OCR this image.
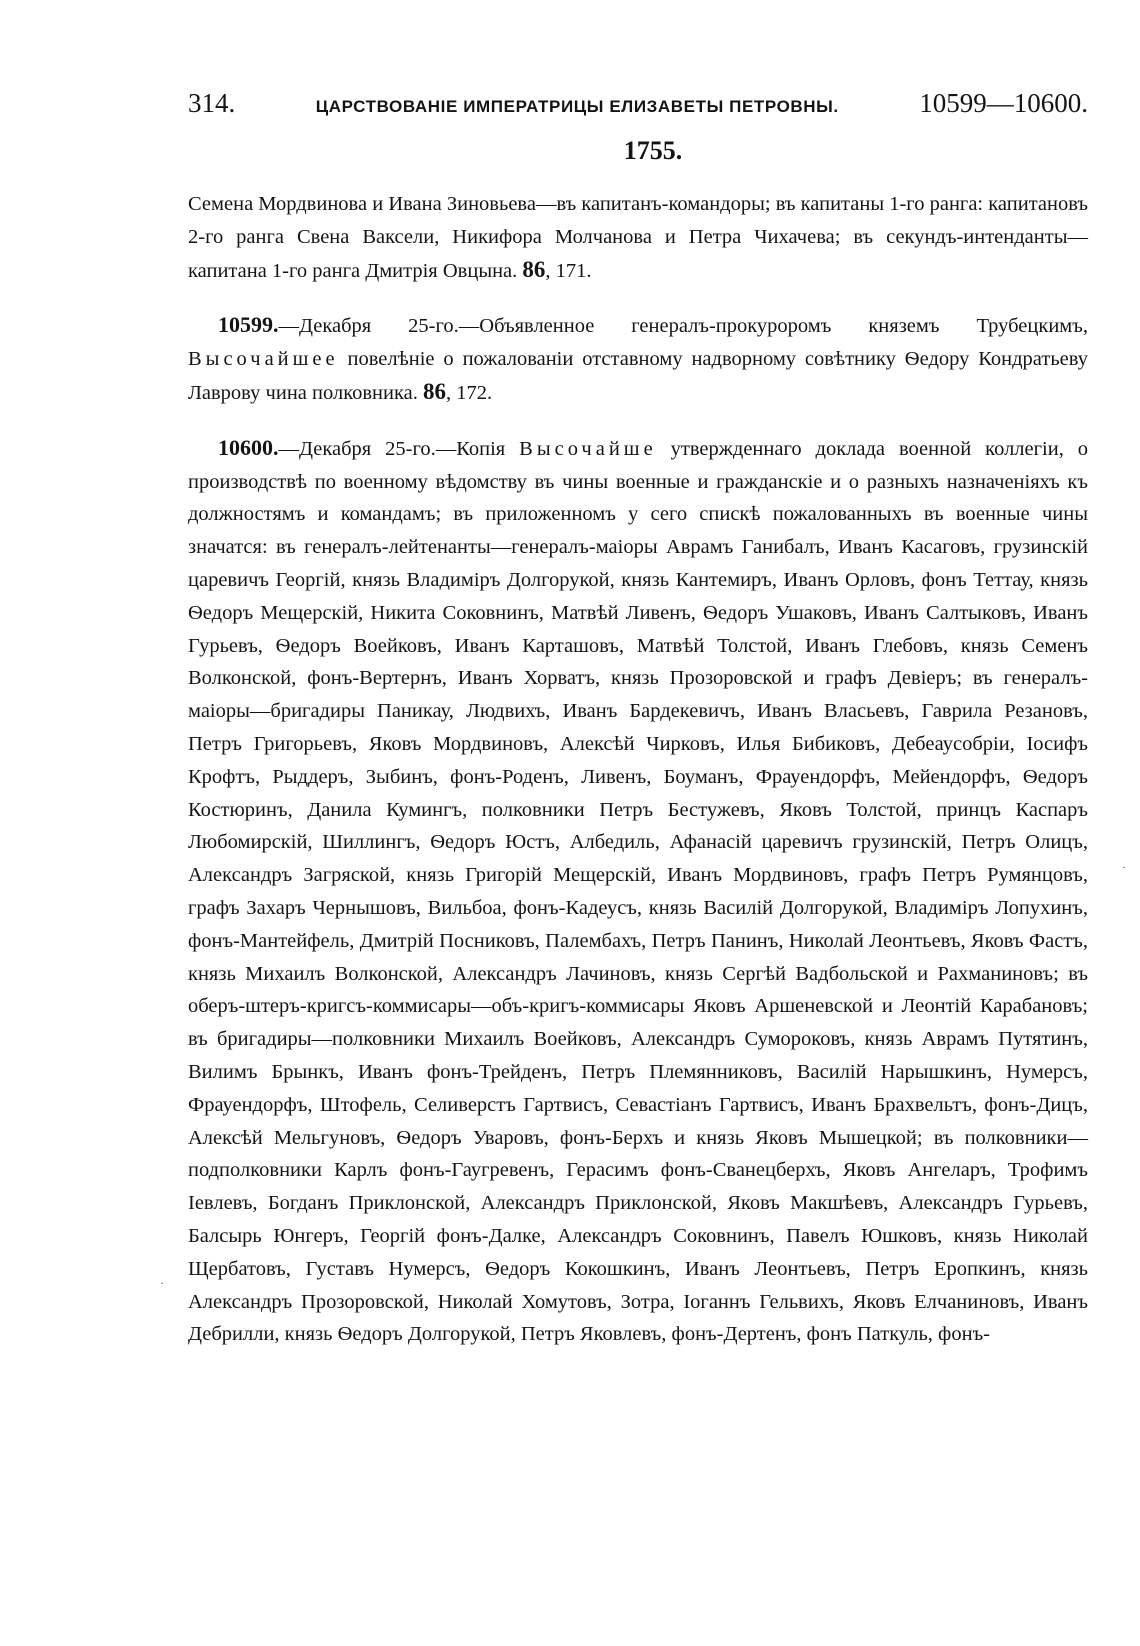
314.	ЦАРСТВОВАНІЕ ИМПЕРАТРИЦЫ ЕЛИЗАВЕТЫ ПЕТРОВНЫ.	10599—10600.
1755.

Семена Мордвинова и Ивана Зиновьева—въ капитанъ-командоры; въ капитаны 1-го ранга: капитановъ 2-го ранга Свена Ваксели, Никифора Молчанова и Петра Чихачева; въ секундъ-интенданты—капитана 1-го ранга Дмитрія Овцына. 86, 171.

10599.—Декабря 25-го.—Объявленное генералъ-прокуроромъ княземъ Трубецкимъ, Высочайшее повелѣніе о пожалованіи отставному надворному совѣтнику Ѳедору Кондратьеву Лаврову чина полковника. 86, 172.

10600.—Декабря 25-го.—Копія Высочайше утвержденнаго доклада военной коллегіи, о производствѣ по военному вѣдомству въ чины военные и гражданскіе и о разныхъ назначеніяхъ къ должностямъ и командамъ; въ приложенномъ у сего спискѣ пожалованныхъ въ военные чины значатся: въ генералъ-лейтенанты—генералъ-маіоры Аврамъ Ганибалъ, Иванъ Касаговъ, грузинскій царевичъ Георгій, князь Владиміръ Долгорукой, князь Кантемиръ, Иванъ Орловъ, фонъ Теттау, князь Ѳедоръ Мещерскій, Никита Соковнинъ, Матвѣй Ливенъ, Ѳедоръ Ушаковъ, Иванъ Салтыковъ, Иванъ Гурьевъ, Ѳедоръ Воейковъ, Иванъ Карташовъ, Матвѣй Толстой, Иванъ Глебовъ, князь Семенъ Волконской, фонъ-Вертернъ, Иванъ Хорватъ, князь Прозоровской и графъ Девіеръ; въ генералъ-маіоры—бригадиры Паникау, Людвихъ, Иванъ Бардекевичъ, Иванъ Власьевъ, Гаврила Резановъ, Петръ Григорьевъ, Яковъ Мордвиновъ, Алексѣй Чирковъ, Илья Бибиковъ, Дебеаусобріи, Іосифъ Крофтъ, Рыддеръ, Зыбинъ, фонъ-Роденъ, Ливенъ, Боуманъ, Фрауендорфъ, Мейендорфъ, Ѳедоръ Костюринъ, Данила Кумингъ, полковники Петръ Бестужевъ, Яковъ Толстой, принцъ Каспаръ Любомирскій, Шиллингъ, Ѳедоръ Юстъ, Албедиль, Афанасій царевичъ грузинскій, Петръ Олицъ, Александръ Загряской, князь Григорій Мещерскій, Иванъ Мордвиновъ, графъ Петръ Румянцовъ, графъ Захаръ Чернышовъ, Вильбоа, фонъ-Кадеусъ, князь Василій Долгорукой, Владиміръ Лопухинъ, фонъ-Мантейфель, Дмитрій Посниковъ, Палембахъ, Петръ Панинъ, Николай Леонтьевъ, Яковъ Фастъ, князь Михаилъ Волконской, Александръ Лачиновъ, князь Сергѣй Вадбольской и Рахманиновъ; въ оберъ-штеръ-кригсъ-коммисары—объ-кригъ-коммисары Яковъ Аршеневской и Леонтій Карабановъ; въ бригадиры—полковники Михаилъ Воейковъ, Александръ Сумороковъ, князь Аврамъ Путятинъ, Вилимъ Брынкъ, Иванъ фонъ-Трейденъ, Петръ Племянниковъ, Василій Нарышкинъ, Нумерсъ, Фрауендорфъ, Штофель, Селиверстъ Гартвисъ, Севастіанъ Гартвисъ, Иванъ Брахвельтъ, фонъ-Дицъ, Алексѣй Мельгуновъ, Ѳедоръ Уваровъ, фонъ-Берхъ и князь Яковъ Мышецкой; въ полковники—подполковники Карлъ фонъ-Гаугревенъ, Герасимъ фонъ-Сванецберхъ, Яковъ Ангеларъ, Трофимъ Іевлевъ, Богданъ Приклонской, Александръ Приклонской, Яковъ Макшѣевъ, Александръ Гурьевъ, Балсырь Юнгеръ, Георгій фонъ-Далке, Александръ Соковнинъ, Павелъ Юшковъ, князь Николай Щербатовъ, Густавъ Нумерсъ, Ѳедоръ Кокошкинъ, Иванъ Леонтьевъ, Петръ Еропкинъ, князь Александръ Прозоровской, Николай Хомутовъ, Зотра, Іоганнъ Гельвихъ, Яковъ Елчаниновъ, Иванъ Дебрилли, князь Ѳедоръ Долгорукой, Петръ Яковлевъ, фонъ-Дертенъ, фонъ Паткуль, фонъ-

·
·
